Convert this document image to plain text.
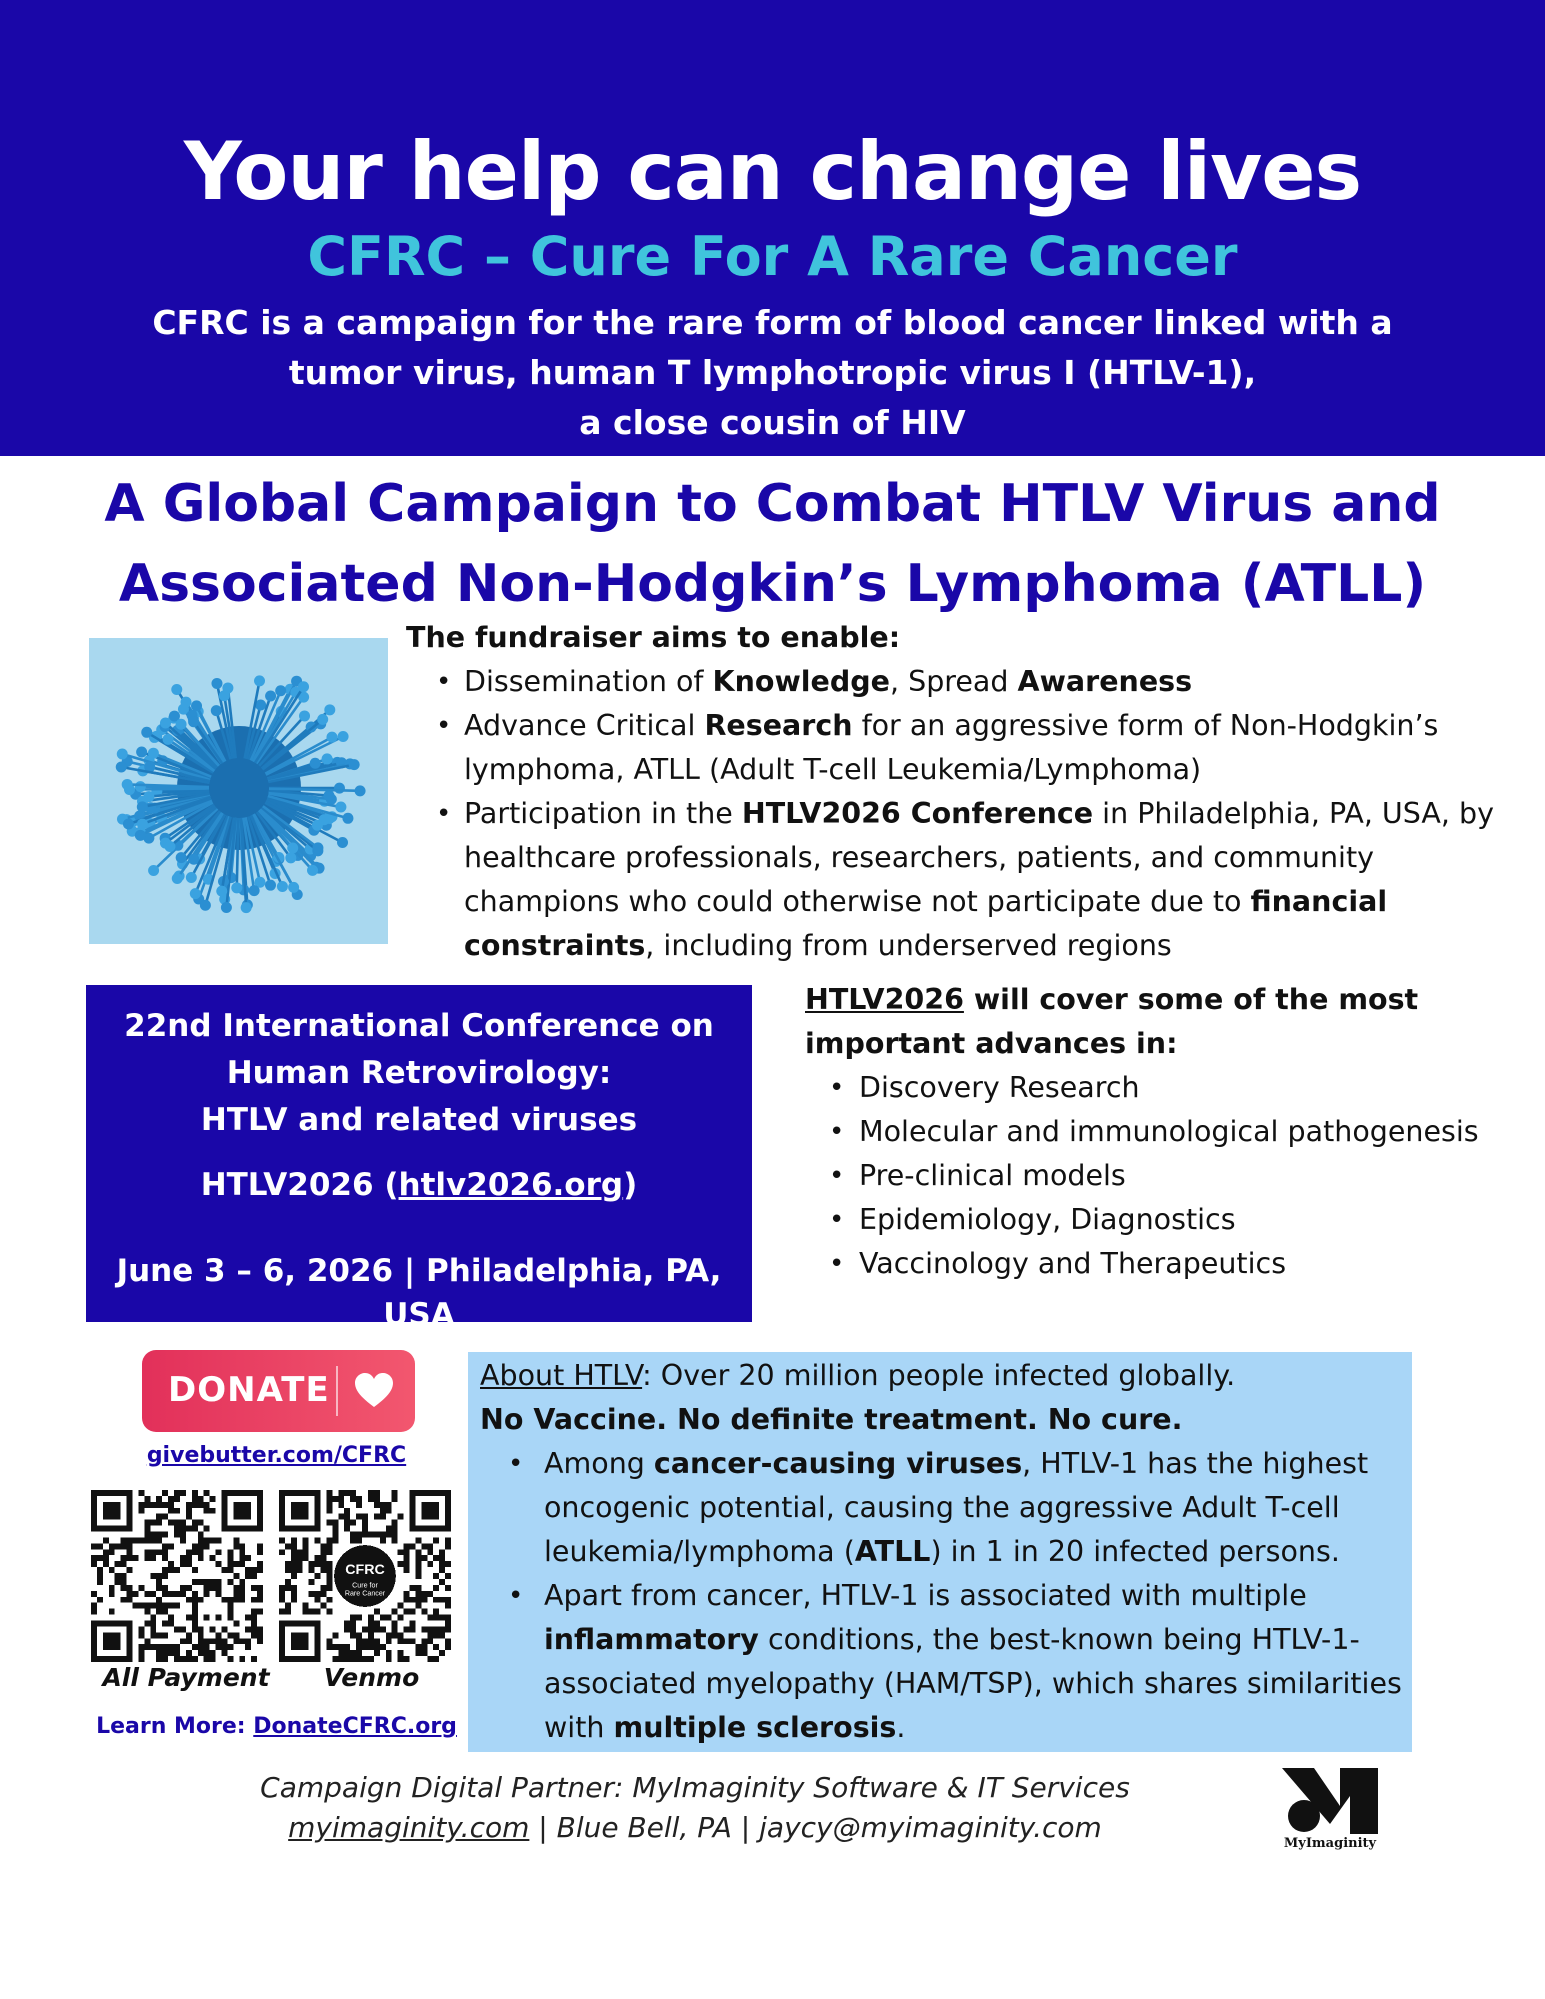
Your help can change lives
CFRC – Cure For A Rare Cancer
CFRC is a campaign for the rare form of blood cancer linked with a
tumor virus, human T lymphotropic virus I (HTLV-1),
a close cousin of HIV
A Global Campaign to Combat HTLV Virus and
Associated Non-Hodgkin’s Lymphoma (ATLL)
The fundraiser aims to enable:
• Dissemination of Knowledge, Spread Awareness
• Advance Critical Research for an aggressive form of Non-Hodgkin’s lymphoma, ATLL (Adult T-cell Leukemia/Lymphoma)
• Participation in the HTLV2026 Conference in Philadelphia, PA, USA, by healthcare professionals, researchers, patients, and community champions who could otherwise not participate due to financial constraints, including from underserved regions
22nd International Conference on
Human Retrovirology:
HTLV and related viruses
HTLV2026 (htlv2026.org)
June 3 – 6, 2026 | Philadelphia, PA, USA
HTLV2026 will cover some of the most important advances in:
• Discovery Research
• Molecular and immunological pathogenesis
• Pre-clinical models
• Epidemiology, Diagnostics
• Vaccinology and Therapeutics
DONATE
givebutter.com/CFRC
CFRC
Cure for
Rare Cancer
All Payment	Venmo
Learn More: DonateCFRC.org
About HTLV: Over 20 million people infected globally.
No Vaccine. No definite treatment. No cure.
• Among cancer-causing viruses, HTLV-1 has the highest oncogenic potential, causing the aggressive Adult T-cell leukemia/lymphoma (ATLL) in 1 in 20 infected persons.
• Apart from cancer, HTLV-1 is associated with multiple inflammatory conditions, the best-known being HTLV-1-associated myelopathy (HAM/TSP), which shares similarities with multiple sclerosis.
Campaign Digital Partner: MyImaginity Software & IT Services
myimaginity.com | Blue Bell, PA | jaycy@myimaginity.com	MyImaginity
